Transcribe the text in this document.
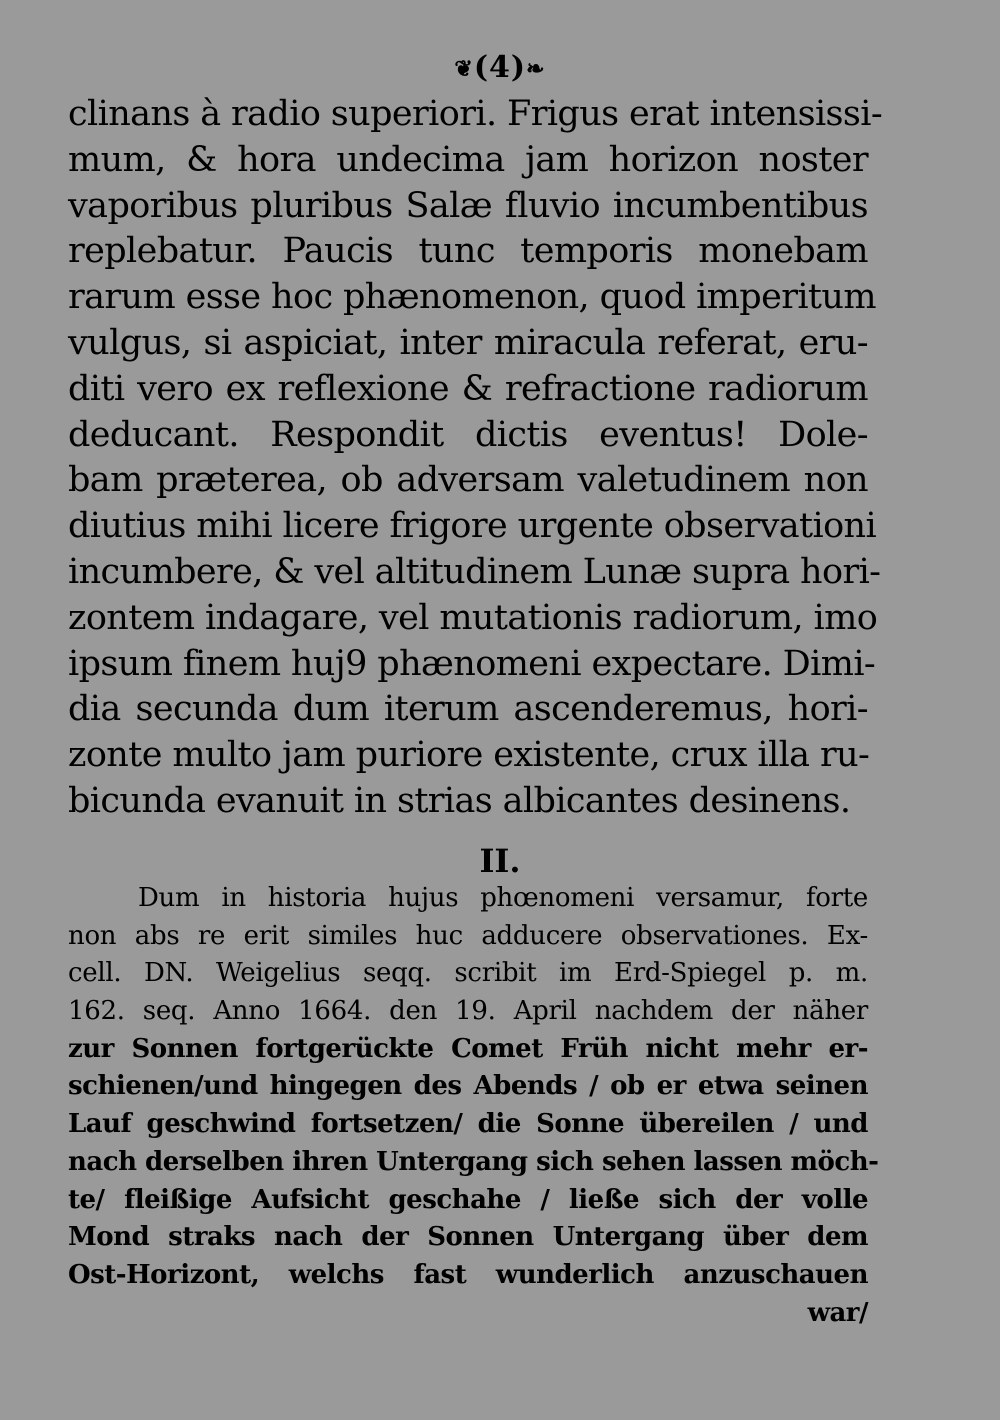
❦(4)❧
clinans à radio superiori. Frigus erat intensissi-
mum, & hora undecima jam horizon noster
vaporibus pluribus Salæ fluvio incumbentibus
replebatur. Paucis tunc temporis monebam
rarum esse hoc phænomenon, quod imperitum
vulgus, si aspiciat, inter miracula referat, eru-
diti vero ex reflexione & refractione radiorum
deducant. Respondit dictis eventus! Dole-
bam præterea, ob adversam valetudinem non
diutius mihi licere frigore urgente observationi
incumbere, & vel altitudinem Lunæ supra hori-
zontem indagare, vel mutationis radiorum, imo
ipsum finem huj9 phænomeni expectare. Dimi-
dia secunda dum iterum ascenderemus, hori-
zonte multo jam puriore existente, crux illa ru-
bicunda evanuit in strias albicantes desinens.
II.
Dum in historia hujus phœnomeni versamur, forte
non abs re erit similes huc adducere observationes. Ex-
cell. DN. Weigelius seqq. scribit im Erd-Spiegel p. m.
162. seq. Anno 1664. den 19. April nachdem der näher
zur Sonnen fortgerückte Comet Früh nicht mehr er-
schienen/und hingegen des Abends / ob er etwa seinen
Lauf geschwind fortsetzen/ die Sonne übereilen / und
nach derselben ihren Untergang sich sehen lassen möch-
te/ fleißige Aufsicht geschahe / ließe sich der volle
Mond straks nach der Sonnen Untergang über dem
Ost-Horizont, welchs fast wunderlich anzuschauen
war/
